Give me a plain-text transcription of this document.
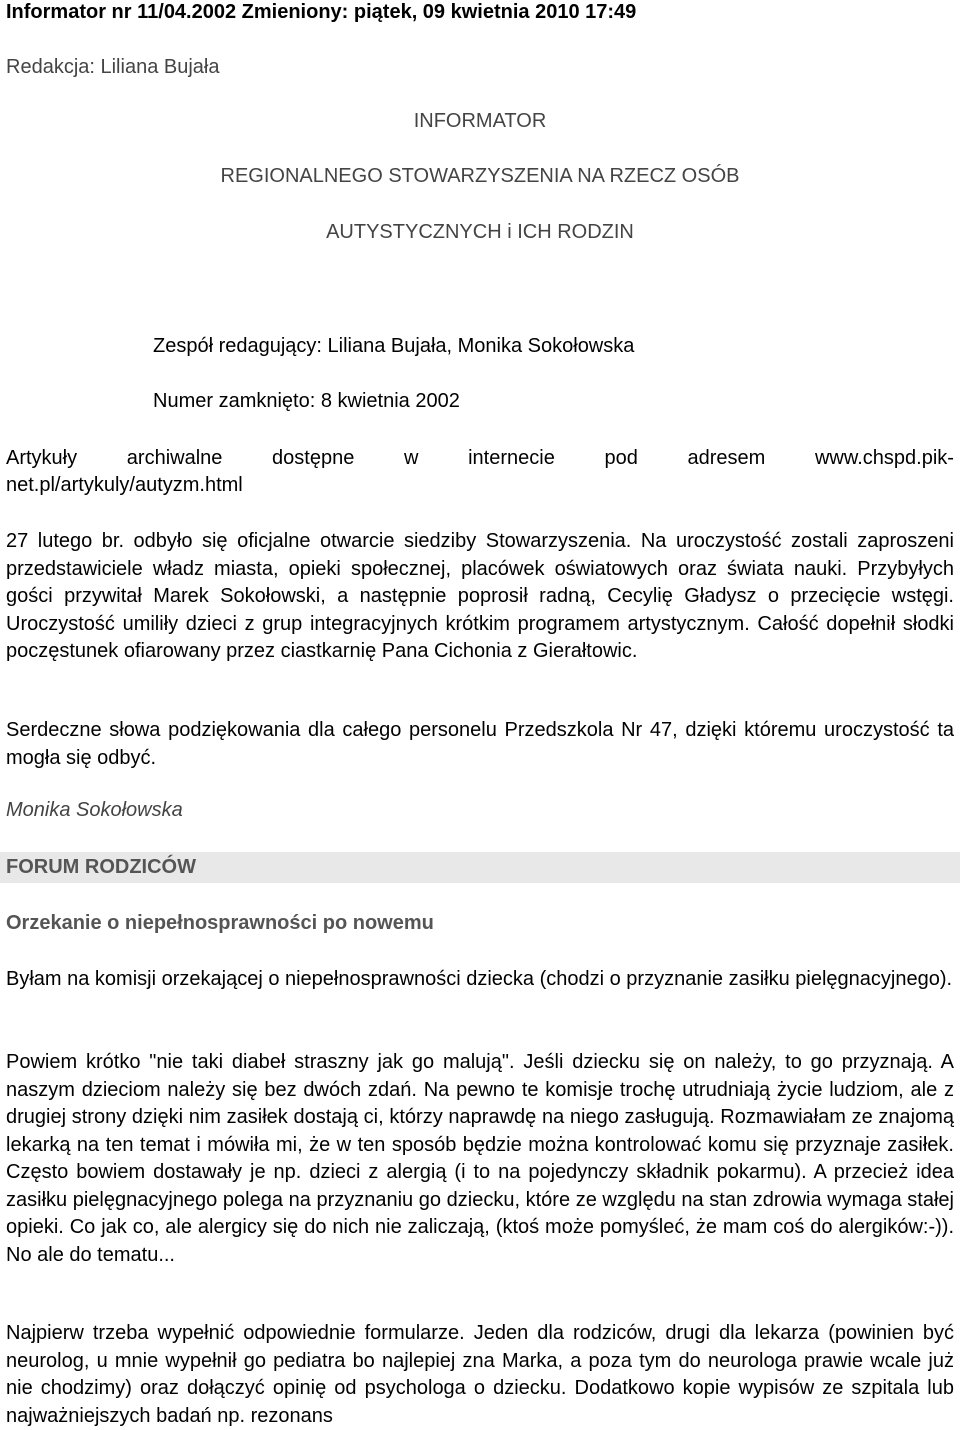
Informator nr 11/04.2002 Zmieniony: piątek, 09 kwietnia 2010 17:49
Redakcja: Liliana Bujała
INFORMATOR
REGIONALNEGO STOWARZYSZENIA NA RZECZ OSÓB
AUTYSTYCZNYCH i ICH RODZIN
Zespół redagujący: Liliana Bujała, Monika Sokołowska
Numer zamknięto: 8 kwietnia 2002
Artykuły archiwalne dostępne w internecie pod adresem www.chspd.pik-
net.pl/artykuly/autyzm.html
27 lutego br. odbyło się oficjalne otwarcie siedziby Stowarzyszenia. Na uroczystość zostali zaproszeni przedstawiciele władz miasta, opieki społecznej, placówek oświatowych oraz świata nauki. Przybyłych gości przywitał Marek Sokołowski, a następnie poprosił radną, Cecylię Gładysz o przecięcie wstęgi. Uroczystość umiliły dzieci z grup integracyjnych krótkim programem artystycznym. Całość dopełnił słodki poczęstunek ofiarowany przez ciastkarnię Pana Cichonia z Gierałtowic.
Serdeczne słowa podziękowania dla całego personelu Przedszkola Nr 47, dzięki któremu uroczystość ta mogła się odbyć.
Monika Sokołowska
FORUM RODZICÓW
Orzekanie o niepełnosprawności po nowemu
Byłam na komisji orzekającej o niepełnosprawności dziecka (chodzi o przyznanie zasiłku pielęgnacyjnego).
Powiem krótko "nie taki diabeł straszny jak go malują". Jeśli dziecku się on należy, to go przyznają. A naszym dzieciom należy się bez dwóch zdań. Na pewno te komisje trochę utrudniają życie ludziom, ale z drugiej strony dzięki nim zasiłek dostają ci, którzy naprawdę na niego zasługują. Rozmawiałam ze znajomą lekarką na ten temat i mówiła mi, że w ten sposób będzie można kontrolować komu się przyznaje zasiłek. Często bowiem dostawały je np. dzieci z alergią (i to na pojedynczy składnik pokarmu). A przecież idea zasiłku pielęgnacyjnego polega na przyznaniu go dziecku, które ze względu na stan zdrowia wymaga stałej opieki. Co jak co, ale alergicy się do nich nie zaliczają, (ktoś może pomyśleć, że mam coś do alergików:-)). No ale do tematu...
Najpierw trzeba wypełnić odpowiednie formularze. Jeden dla rodziców, drugi dla lekarza (powinien być neurolog, u mnie wypełnił go pediatra bo najlepiej zna Marka, a poza tym do neurologa prawie wcale już nie chodzimy) oraz dołączyć opinię od psychologa o dziecku. Dodatkowo kopie wypisów ze szpitala lub najważniejszych badań np. rezonans
